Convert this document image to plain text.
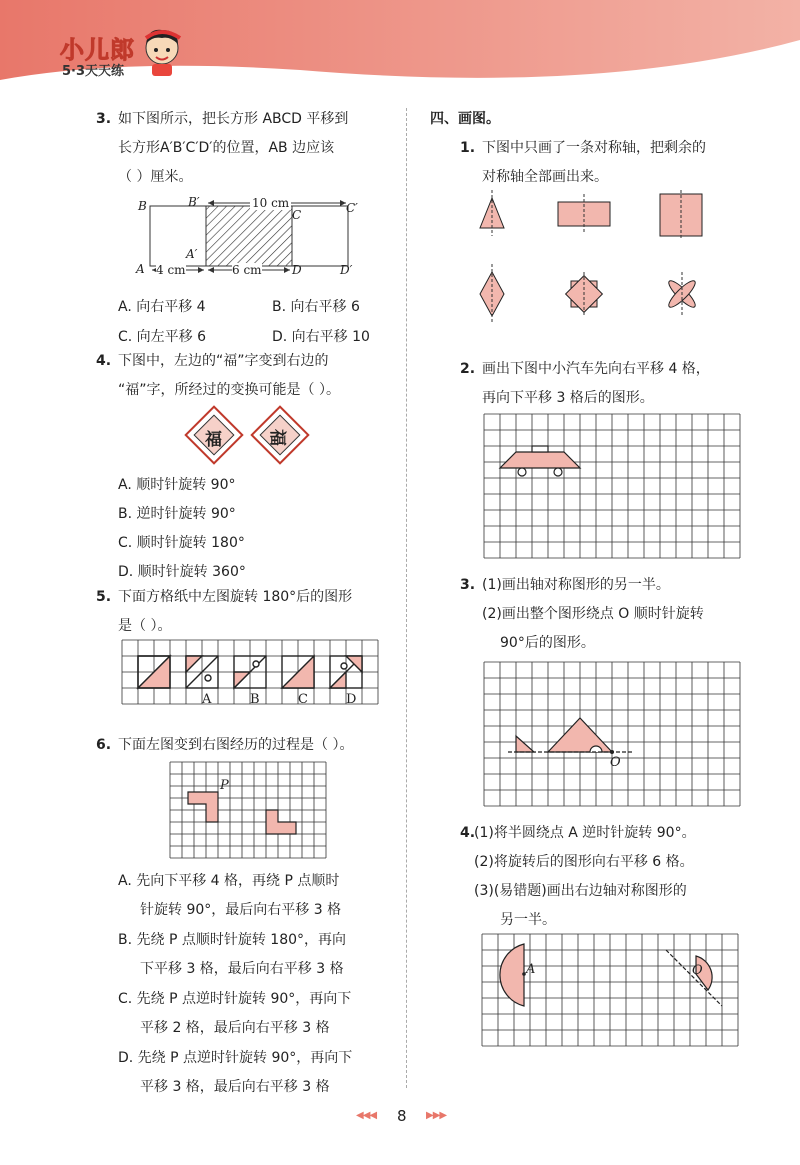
小儿郎
5·3天天练
3. 如下图所示，把长方形 ABCD 平移到
长方形A′B′C′D′的位置，AB 边应该
（ ）厘米。
B	B′	10 cm
C	C′
A′
A 4 cm	6 cm	D	D′
A. 向右平移 4	B. 向右平移 6
C. 向左平移 6	D. 向右平移 10
4. 下图中，左边的“福”字变到右边的
“福”字，所经过的变换可能是（ ）。
福	福
A. 顺时针旋转 90°
B. 逆时针旋转 90°
C. 顺时针旋转 180°
D. 顺时针旋转 360°
5. 下面方格纸中左图旋转 180°后的图形
是（ ）。
A	B	C	D
6. 下面左图变到右图经历的过程是（ ）。
P
A. 先向下平移 4 格，再绕 P 点顺时
针旋转 90°，最后向右平移 3 格
B. 先绕 P 点顺时针旋转 180°，再向
下平移 3 格，最后向右平移 3 格
C. 先绕 P 点逆时针旋转 90°，再向下
平移 2 格，最后向右平移 3 格
D. 先绕 P 点逆时针旋转 90°，再向下
平移 3 格，最后向右平移 3 格
四、画图。
1. 下图中只画了一条对称轴，把剩余的
对称轴全部画出来。
2. 画出下图中小汽车先向右平移 4 格，
再向下平移 3 格后的图形。
3. (1)画出轴对称图形的另一半。
(2)画出整个图形绕点 O 顺时针旋转
90°后的图形。
O
4.
(1)将半圆绕点 A 逆时针旋转 90°。
(2)将旋转后的图形向右平移 6 格。
(3)(易错题)画出右边轴对称图形的
另一半。
A	O
◀◀◀ 8 ▶▶▶
